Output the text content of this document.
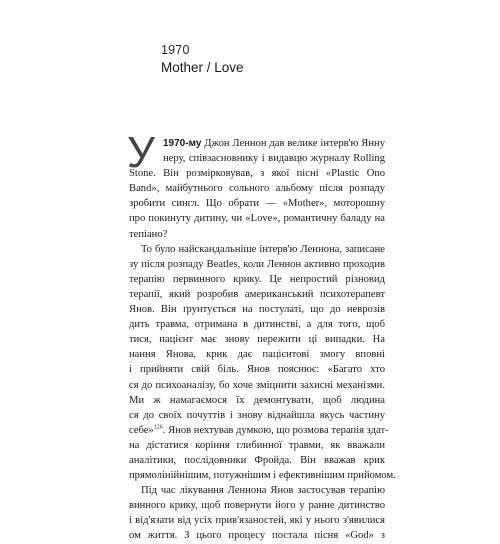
1970
Mother / Love
У 1970-му Джон Леннон дав велике інтерв'ю Янну
неру, співзасновнику і видавцю журналу Rolling
Stone. Він розмірковував, з якої пісні «Plastic Ono
Band», майбутнього сольного альбому після розпаду
зробити сингл. Що обрати — «Mother», моторошну
про покинуту дитину, чи «Love», романтичну баладу на
тепіано?
То було найскандальніше інтерв'ю Леннона, записане
зу після розпаду Beatles, коли Леннон активно проходив
терапію первинного крику. Це непростий різновид
терапії, який розробив американський психотерапевт
Янов. Він ґрунтується на постулаті, що до неврозів
дить травма, отримана в дитинстві, а для того, щоб
тися, пацієнт має знову пережити ці випадки. На
нання Янова, крик дає пацієнтові змогу вповні
і прийняти свій біль. Янов пояснює: «Багато хто
ся до психоаналізу, бо хоче зміцнити захисні механізми.
Ми ж намагаємося їх демонтувати, щоб людина
ся до своїх почуттів і знову віднайшла якусь частину
себе»$^{126}$. Янов нехтував думкою, що розмова терапія здат-
на дістатися коріння глибинної травми, як вважали
аналітики, послідовники Фройда. Він вважав крик
прямолінійнішим, потужнішим і ефективнішим прийомом.
Під час лікування Леннона Янов застосував терапію
винного крику, щоб повернути його у ранне дитинство
і від'язати від усіх прив'язаностей, які у нього з'явилися
ом життя. З цього процесу постала пісня «God» з
